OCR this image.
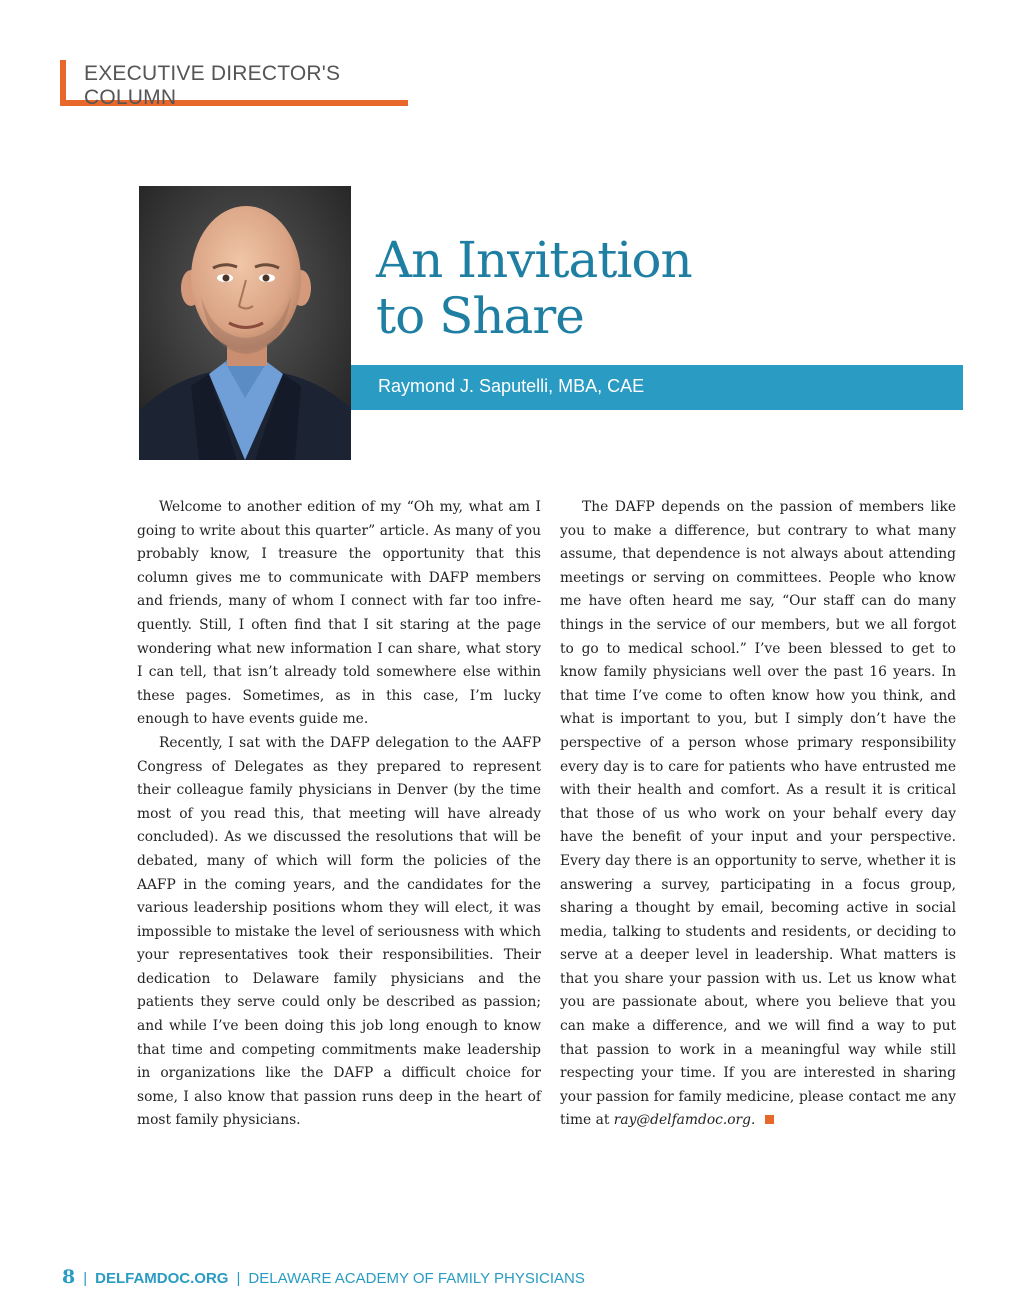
EXECUTIVE DIRECTOR'S COLUMN
An Invitation
to Share
Raymond J. Saputelli, MBA, CAE

Welcome to another edition of my “Oh my, what am I going to write about this quarter” article. As many of you probably know, I treasure the opportunity that this column gives me to communicate with DAFP members and friends, many of whom I connect with far too infrequently. Still, I often find that I sit staring at the page wondering what new information I can share, what story I can tell, that isn’t already told somewhere else within these pages. Sometimes, as in this case, I’m lucky enough to have events guide me.

Recently, I sat with the DAFP delegation to the AAFP Congress of Delegates as they prepared to represent their colleague family physicians in Denver (by the time most of you read this, that meeting will have already concluded). As we discussed the resolutions that will be debated, many of which will form the policies of the AAFP in the coming years, and the candidates for the various leadership positions whom they will elect, it was impossible to mistake the level of seriousness with which your representatives took their responsibilities. Their dedication to Delaware family physicians and the patients they serve could only be described as passion; and while I’ve been doing this job long enough to know that time and competing commitments make leadership in organizations like the DAFP a difficult choice for some, I also know that passion runs deep in the heart of most family physicians.

The DAFP depends on the passion of members like you to make a difference, but contrary to what many assume, that dependence is not always about attending meetings or serving on committees. People who know me have often heard me say, “Our staff can do many things in the service of our members, but we all forgot to go to medical school.” I’ve been blessed to get to know family physicians well over the past 16 years. In that time I’ve come to often know how you think, and what is important to you, but I simply don’t have the perspective of a person whose primary responsibility every day is to care for patients who have entrusted me with their health and comfort. As a result it is critical that those of us who work on your behalf every day have the benefit of your input and your perspective. Every day there is an opportunity to serve, whether it is answering a survey, participating in a focus group, sharing a thought by email, becoming active in social media, talking to students and residents, or deciding to serve at a deeper level in leadership. What matters is that you share your passion with us. Let us know what you are passionate about, where you believe that you can make a difference, and we will find a way to put that passion to work in a meaningful way while still respecting your time. If you are interested in sharing your passion for family medicine, please contact me any time at ray@delfamdoc.org.

8 | DELFAMDOC.ORG | DELAWARE ACADEMY OF FAMILY PHYSICIANS
